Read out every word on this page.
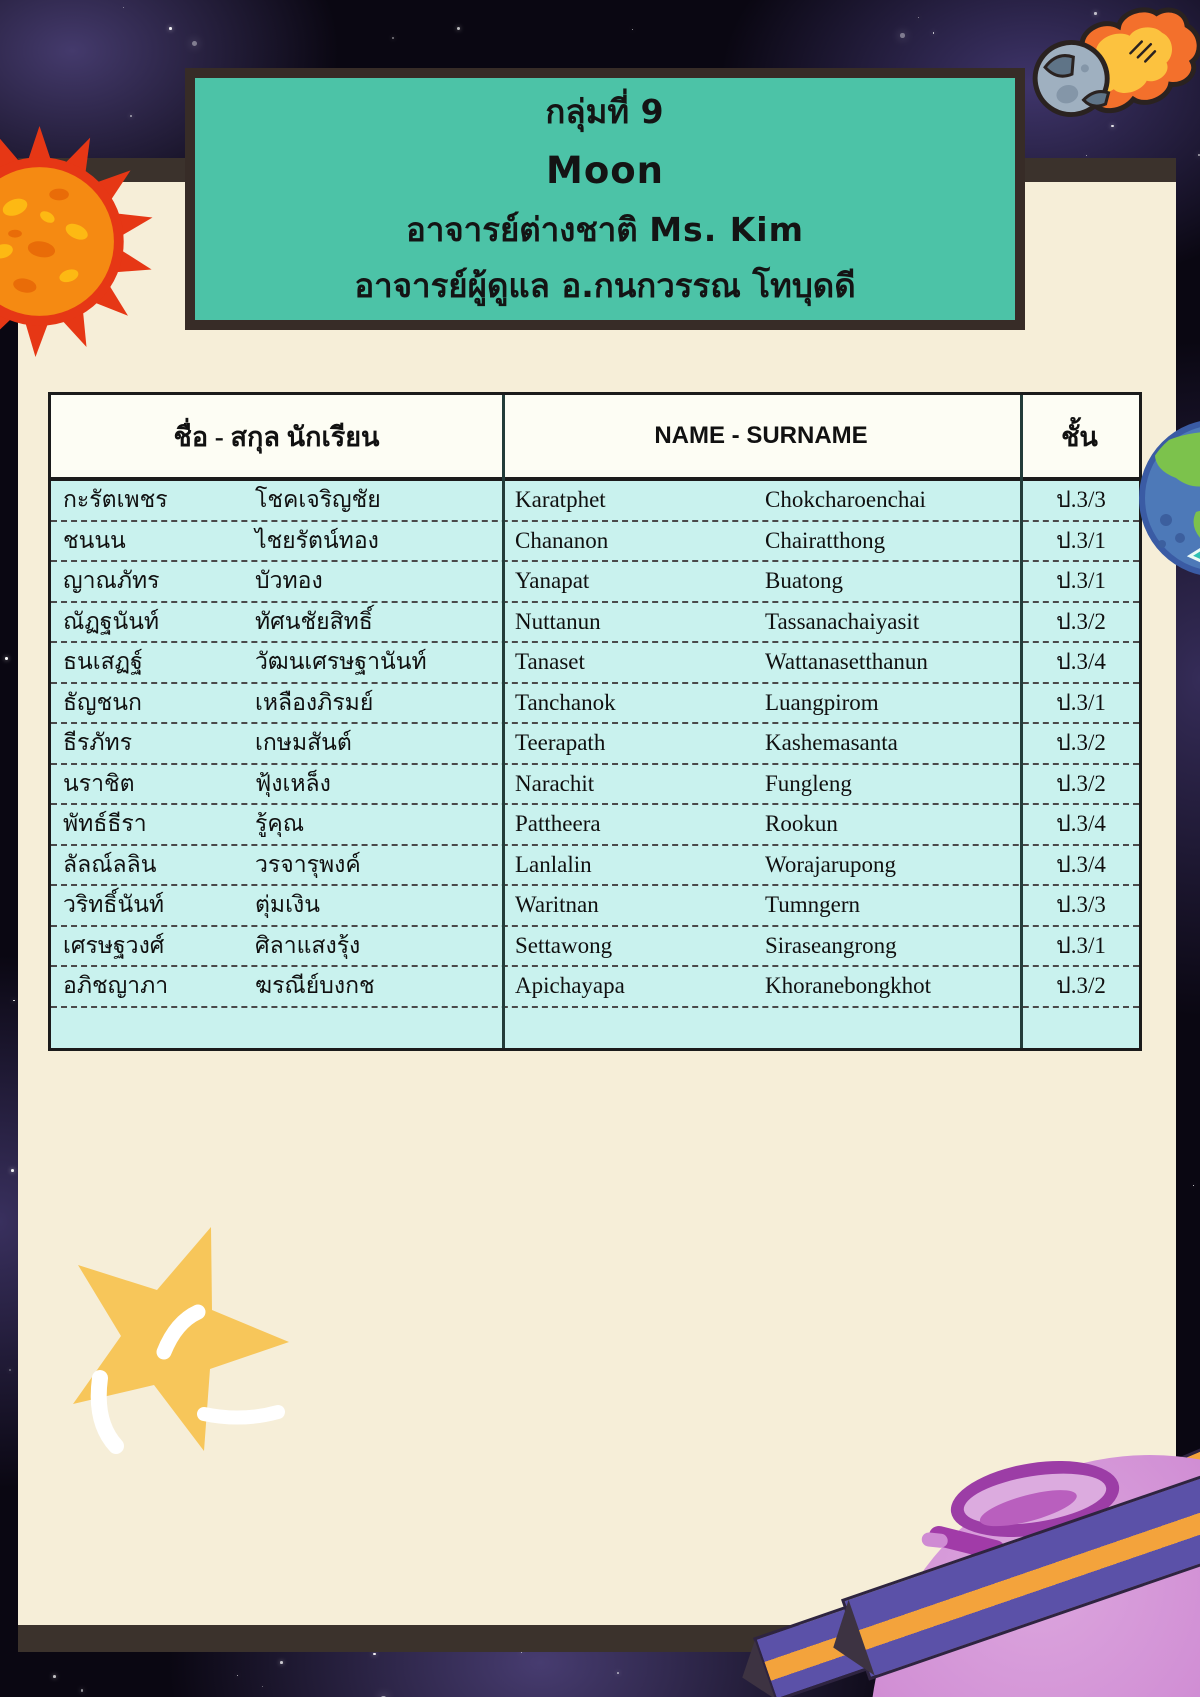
กลุ่มที่ 9
Moon
อาจารย์ต่างชาติ Ms. Kim
อาจารย์ผู้ดูแล อ.กนกวรรณ โทบุดดี
ชื่อ - สกุล นักเรียน	NAME - SURNAME	ชั้น
กะรัตเพชร	โชคเจริญชัย	Karatphet	Chokcharoenchai	ป.3/3
ชนนน	ไชยรัตน์ทอง	Chananon	Chairatthong	ป.3/1
ญาณภัทร	บัวทอง	Yanapat	Buatong	ป.3/1
ณัฏฐนันท์	ทัศนชัยสิทธิ์	Nuttanun	Tassanachaiyasit	ป.3/2
ธนเสฏฐ์	วัฒนเศรษฐานันท์	Tanaset	Wattanasetthanun	ป.3/4
ธัญชนก	เหลืองภิรมย์	Tanchanok	Luangpirom	ป.3/1
ธีรภัทร	เกษมสันต์	Teerapath	Kashemasanta	ป.3/2
นราชิต	ฟุ้งเหล็ง	Narachit	Fungleng	ป.3/2
พัทธ์ธีรา	รู้คุณ	Pattheera	Rookun	ป.3/4
ลัลณ์ลลิน	วรจารุพงค์	Lanlalin	Worajarupong	ป.3/4
วริทธิ์นันท์	ตุ่มเงิน	Waritnan	Tumngern	ป.3/3
เศรษฐวงศ์	ศิลาแสงรุ้ง	Settawong	Siraseangrong	ป.3/1
อภิชญาภา	ฆรณีย์บงกช	Apichayapa	Khoranebongkhot	ป.3/2
